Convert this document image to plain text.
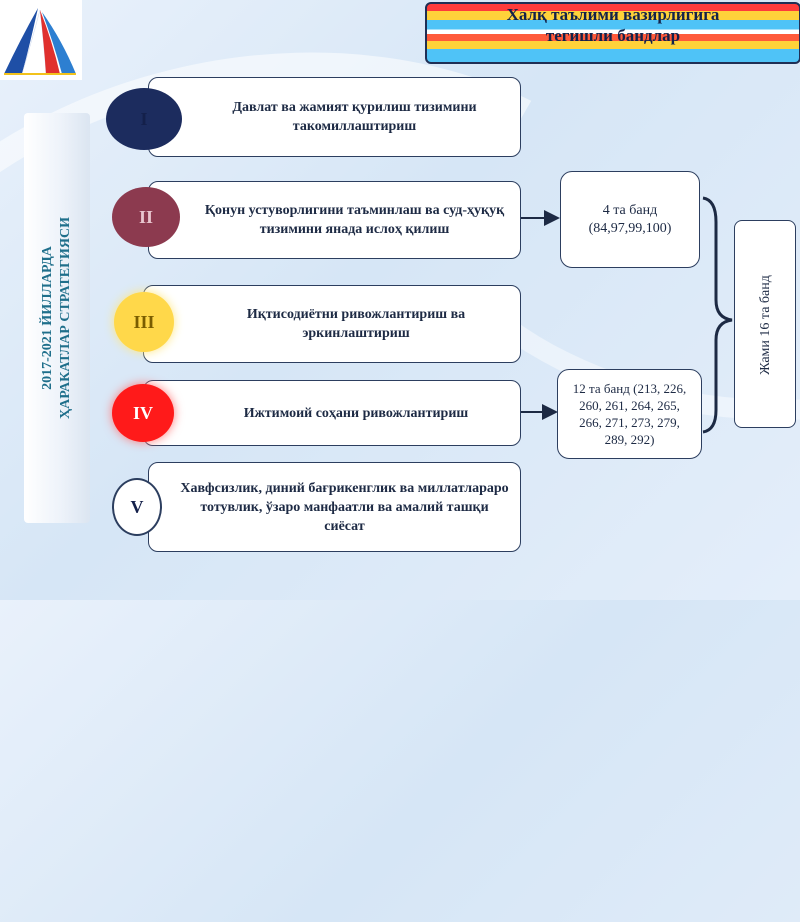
Халқ таълими вазирлигига
тегишли бандлар
2017-2021 ЙИЛЛАРДА ҲАРАКАТЛАР СТРАТЕГИЯСИ
Давлат ва жамият қурилиш тизимини такомиллаштириш
I
Қонун устуворлигини таъминлаш ва суд-ҳуқуқ тизимини янада ислоҳ қилиш
II
Иқтисодиётни ривожлантириш ва эркинлаштириш
III
Ижтимоий соҳани ривожлантириш
IV
Хавфсизлик, диний бағрикенглик ва миллатлараро тотувлик, ўзаро манфаатли ва амалий ташқи сиёсат
V
4 та банд
(84,97,99,100)
12 та банд (213, 226, 260, 261, 264, 265, 266, 271, 273, 279, 289, 292)
Жами 16 та банд
